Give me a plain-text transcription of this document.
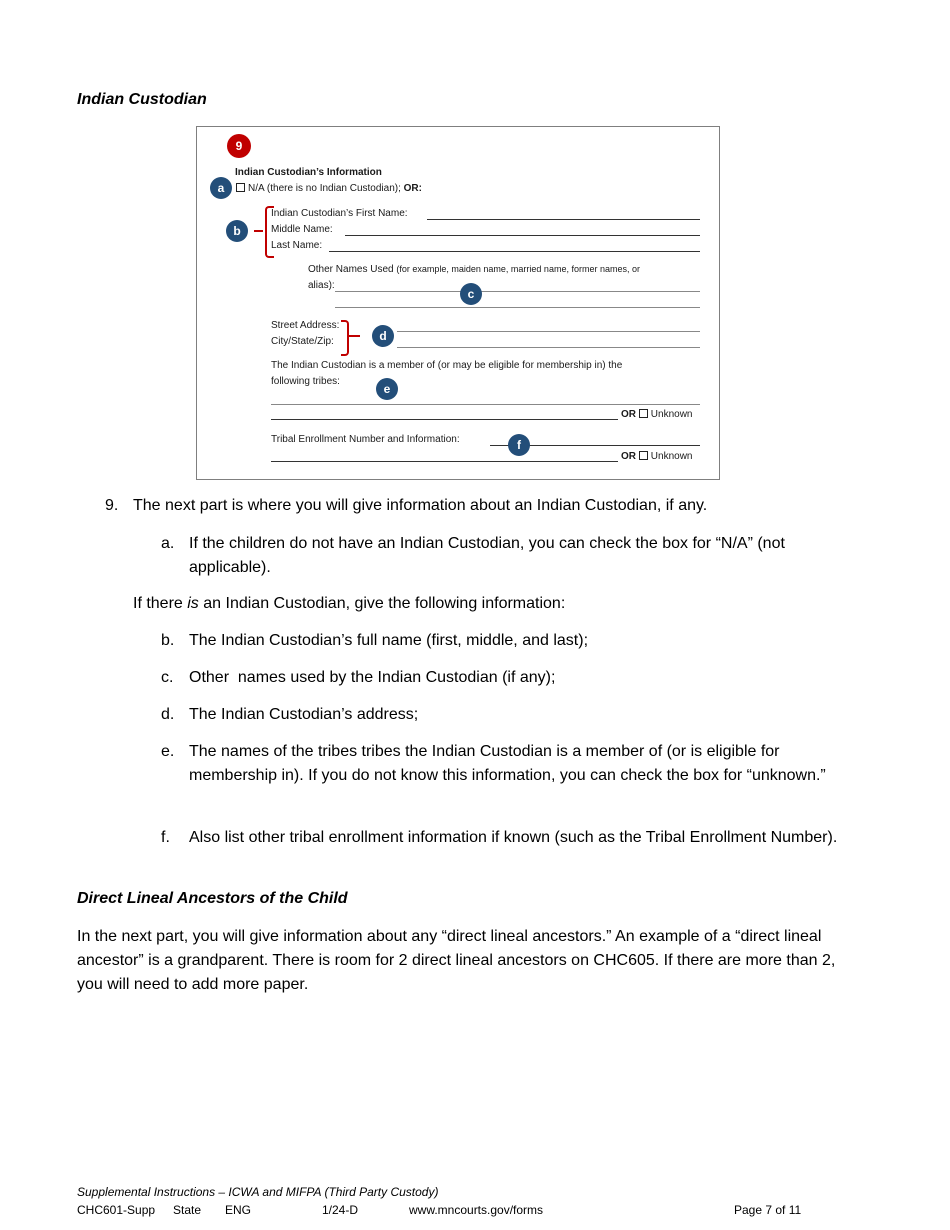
Indian Custodian
9
Indian Custodian’s Information
a	N/A (there is no Indian Custodian); OR:
b
Indian Custodian’s First Name:
Middle Name:
Last Name:
Other Names Used (for example, maiden name, married name, former names, or
alias):
c
Street Address:
City/State/Zip:	d
The Indian Custodian is a member of (or may be eligible for membership in) the
following tribes:
e
OR Unknown
Tribal Enrollment Number and Information:	f
OR Unknown
9. The next part is where you will give information about an Indian Custodian, if any.
a. If the children do not have an Indian Custodian, you can check the box for “N/A” (not applicable).
If there is an Indian Custodian, give the following information:
b. The Indian Custodian’s full name (first, middle, and last);
c. Other  names used by the Indian Custodian (if any);
d. The Indian Custodian’s address;
e. The names of the tribes tribes the Indian Custodian is a member of (or is eligible for membership in). If you do not know this information, you can check the box for “unknown.”
f. Also list other tribal enrollment information if known (such as the Tribal Enrollment Number).
Direct Lineal Ancestors of the Child
In the next part, you will give information about any “direct lineal ancestors.” An example of a “direct lineal ancestor” is a grandparent. There is room for 2 direct lineal ancestors on CHC605. If there are more than 2, you will need to add more paper.
Supplemental Instructions – ICWA and MIFPA (Third Party Custody)
CHC601-Supp State ENG	1/24-D	www.mncourts.gov/forms	Page 7 of 11
